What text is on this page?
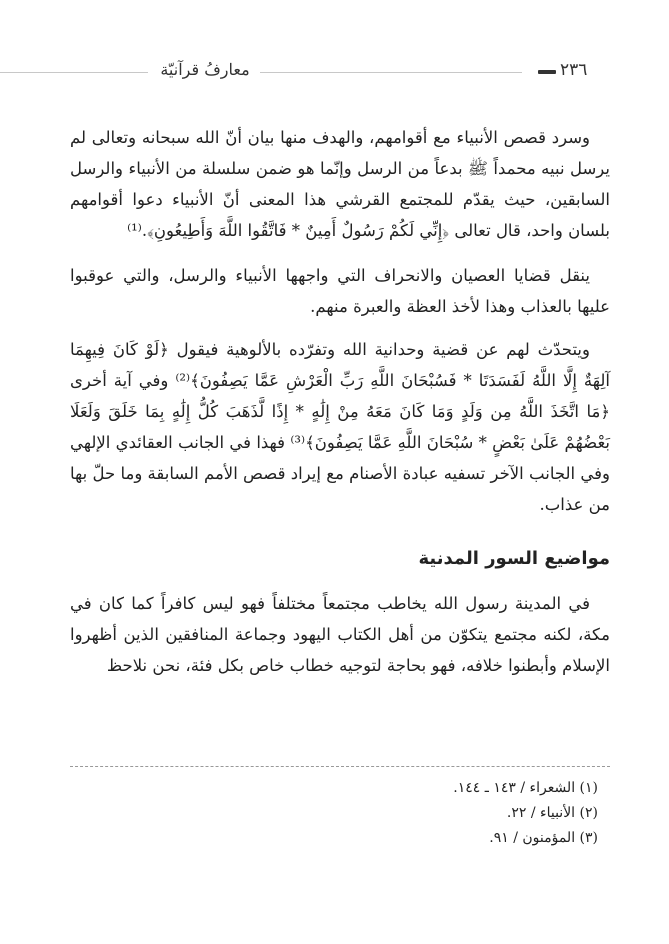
معارفُ قرآنيّة	٢٣٦

وسرد قصص الأنبياء مع أقوامهم، والهدف منها بيان أنّ الله سبحانه وتعالى لم يرسل نبيه محمداً ﷺ بدعاً من الرسل وإنّما هو ضمن سلسلة من الأنبياء والرسل السابقين، حيث يقدّم للمجتمع القرشي هذا المعنى أنّ الأنبياء دعوا أقوامهم بلسان واحد، قال تعالى ﴿إِنِّي لَكُمْ رَسُولٌ أَمِينٌ * فَاتَّقُوا اللَّهَ وَأَطِيعُونِ﴾.⁽¹⁾

ينقل قضايا العصيان والانحراف التي واجهها الأنبياء والرسل، والتي عوقبوا عليها بالعذاب وهذا لأخذ العظة والعبرة منهم.

ويتحدّث لهم عن قضية وحدانية الله وتفرّده بالألوهية فيقول ﴿لَوْ كَانَ فِيهِمَا آلِهَةٌ إِلَّا اللَّهُ لَفَسَدَتَا * فَسُبْحَانَ اللَّهِ رَبِّ الْعَرْشِ عَمَّا يَصِفُونَ﴾⁽²⁾ وفي آية أخرى ﴿مَا اتَّخَذَ اللَّهُ مِن وَلَدٍ وَمَا كَانَ مَعَهُ مِنْ إِلَٰهٍ * إِذًا لَّذَهَبَ كُلُّ إِلَٰهٍ بِمَا خَلَقَ وَلَعَلَا بَعْضُهُمْ عَلَىٰ بَعْضٍ * سُبْحَانَ اللَّهِ عَمَّا يَصِفُونَ﴾⁽³⁾ فهذا في الجانب العقائدي الإلهي وفي الجانب الآخر تسفيه عبادة الأصنام مع إيراد قصص الأمم السابقة وما حلّ بها من عذاب.

مواضيع السور المدنية

في المدينة رسول الله يخاطب مجتمعاً مختلفاً فهو ليس كافراً كما كان في مكة، لكنه مجتمع يتكوّن من أهل الكتاب اليهود وجماعة المنافقين الذين أظهروا الإسلام وأبطنوا خلافه، فهو بحاجة لتوجيه خطاب خاص بكل فئة، نحن نلاحظ

(١) الشعراء / ١٤٣ ـ ١٤٤.

(٢) الأنبياء / ٢٢.

(٣) المؤمنون / ٩١.
